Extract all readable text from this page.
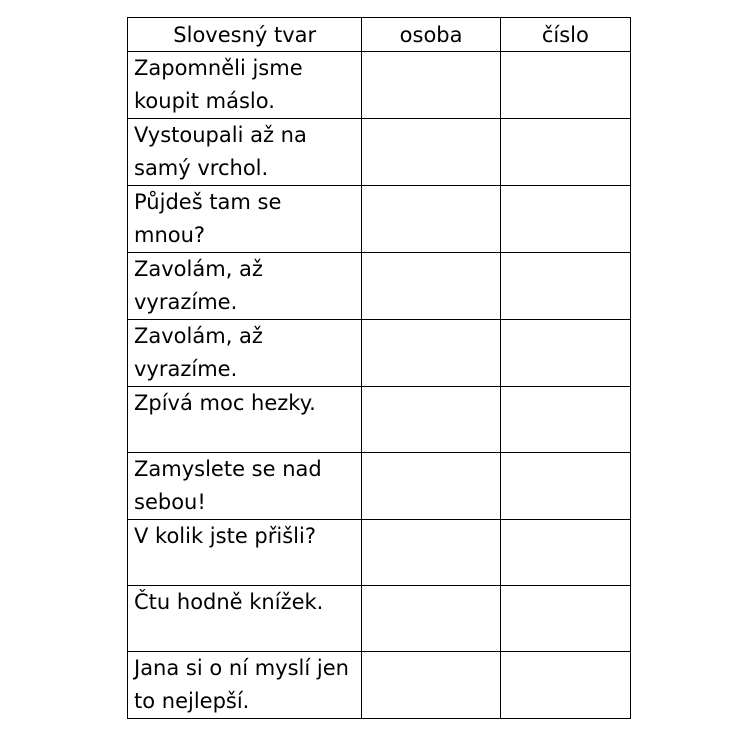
Slovesný tvar	osoba	číslo
Zapomněli jsme koupit máslo.		
Vystoupali až na samý vrchol.		
Půjdeš tam se mnou?		
Zavolám, až vyrazíme.		
Zavolám, až vyrazíme.		
Zpívá moc hezky.		
Zamyslete se nad sebou!		
V kolik jste přišli?		
Čtu hodně knížek.		
Jana si o ní myslí jen to nejlepší.		
